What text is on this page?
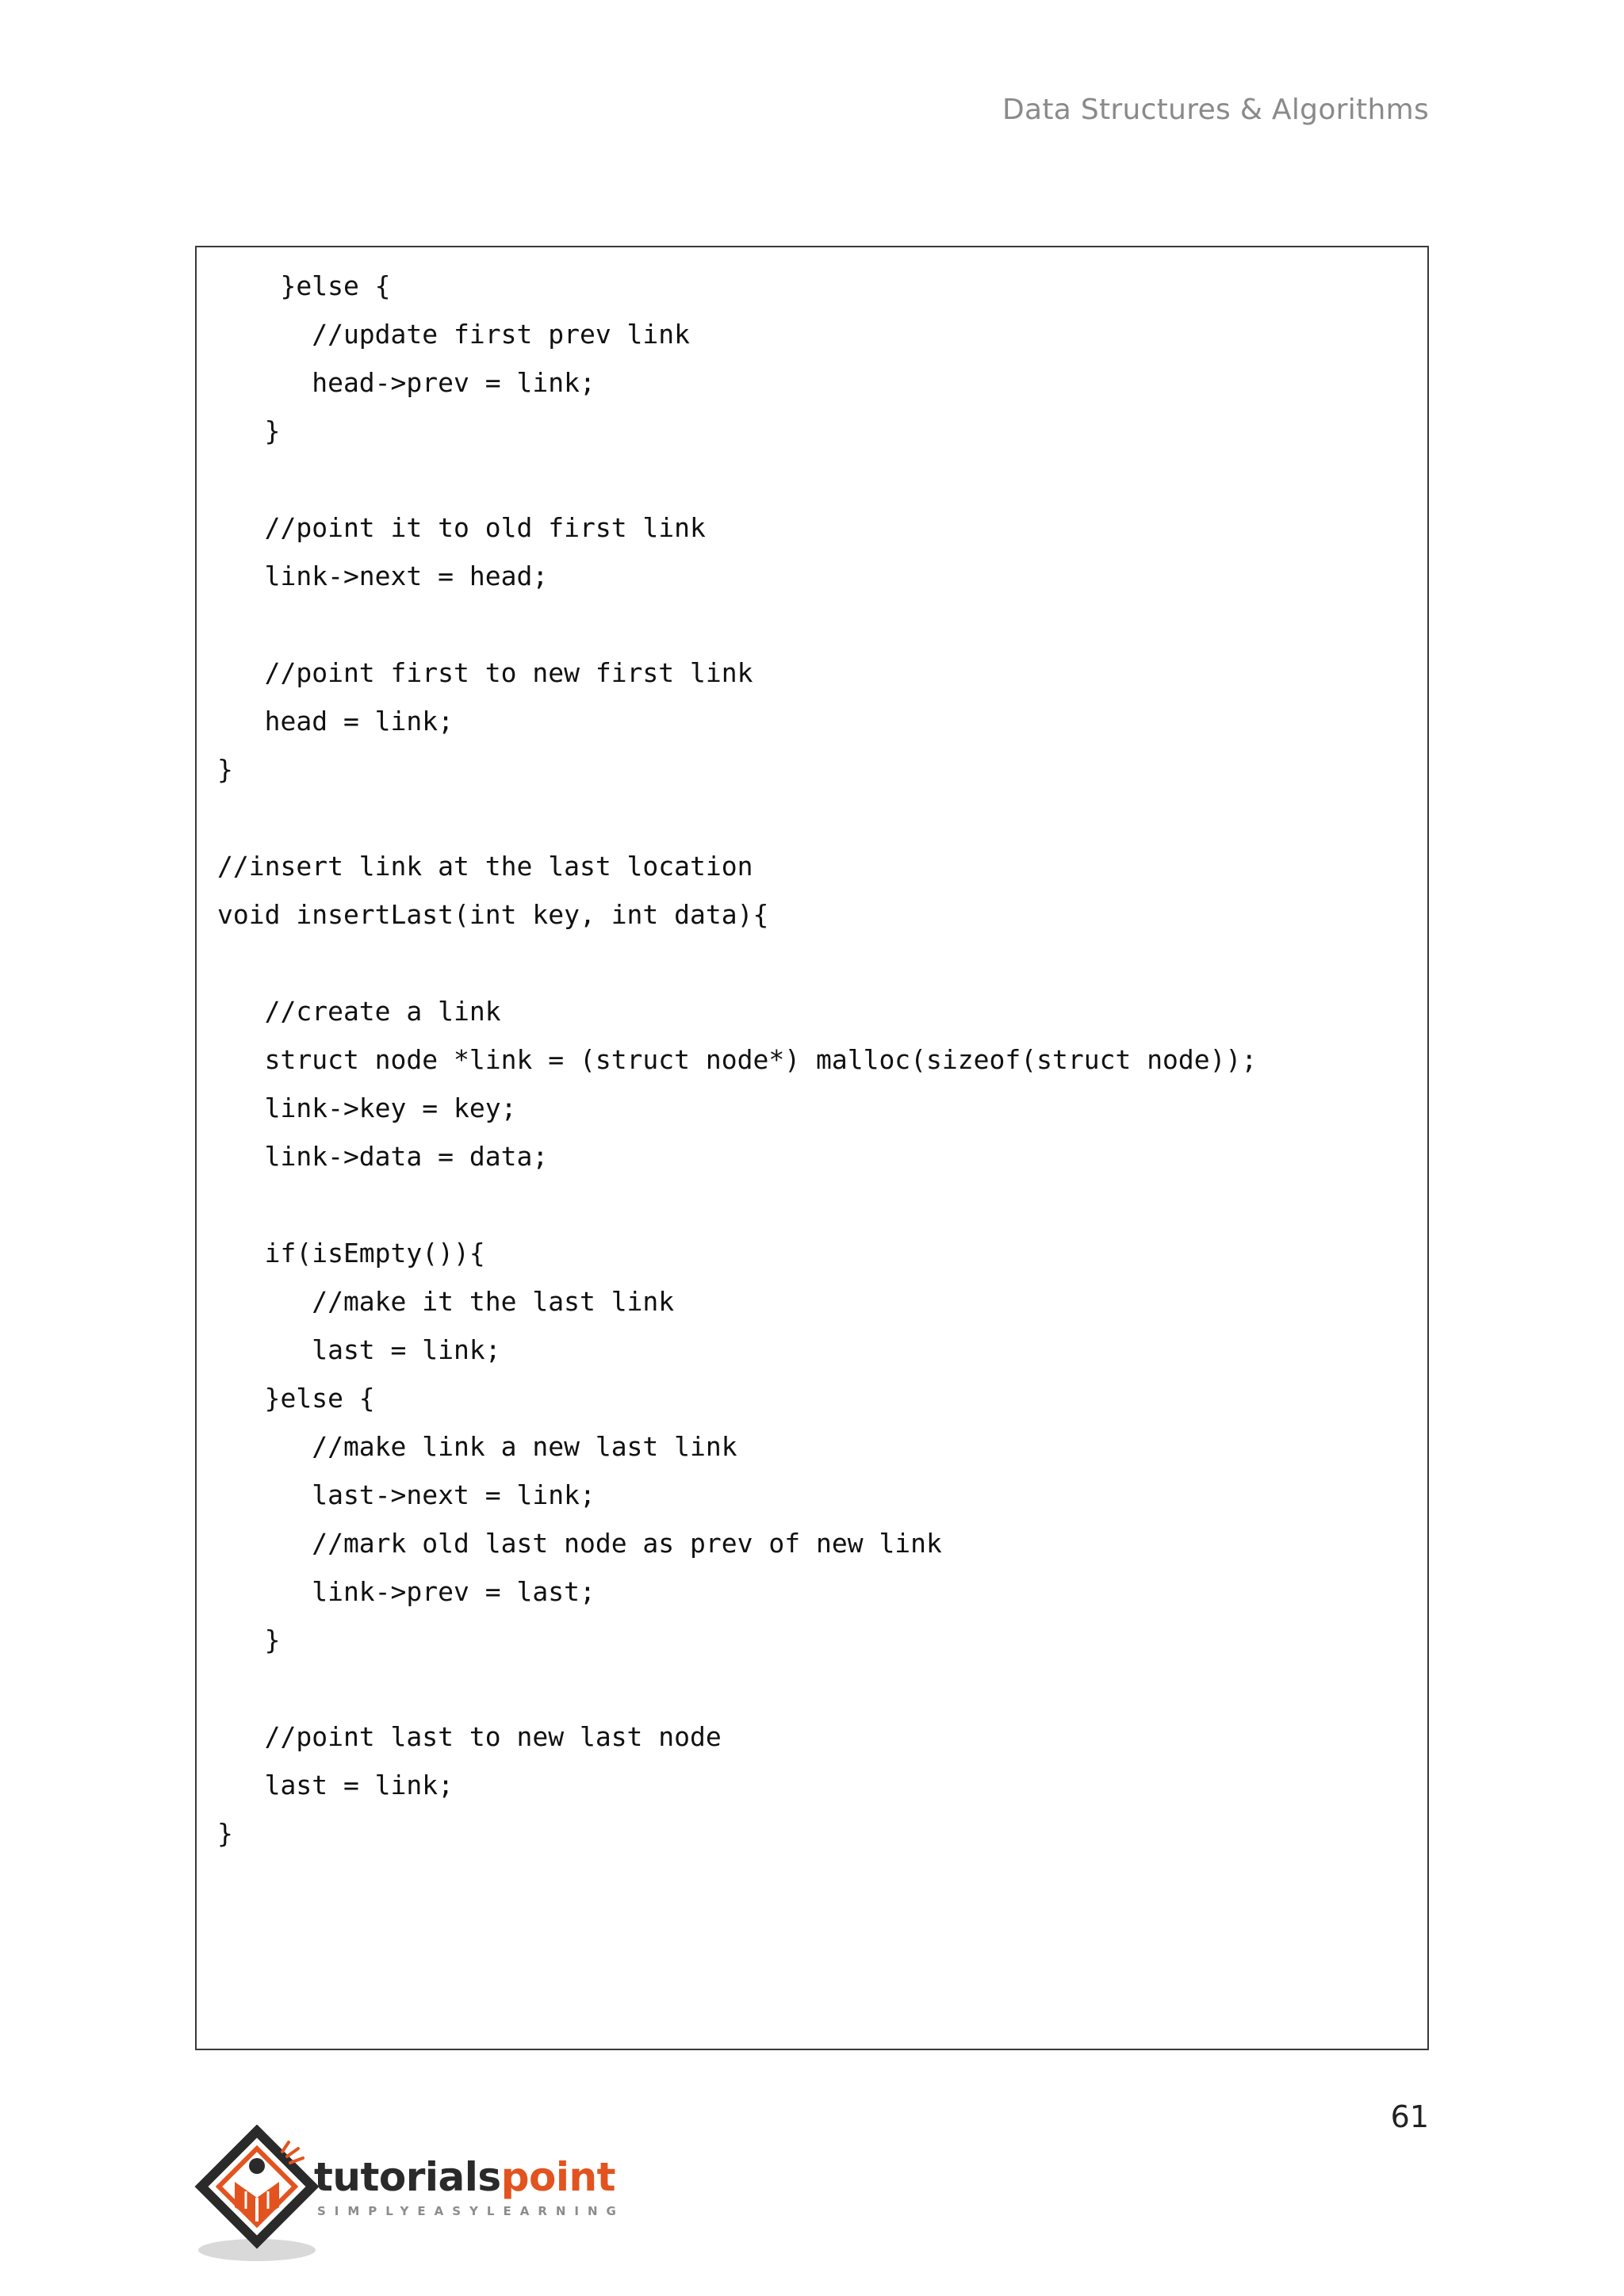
Data Structures & Algorithms
}else {
//update first prev link
head->prev = link;
}
//point it to old first link
link->next = head;
//point first to new first link
head = link;
}
//insert link at the last location
void insertLast(int key, int data){
//create a link
struct node *link = (struct node*) malloc(sizeof(struct node));
link->key = key;
link->data = data;
if(isEmpty()){
//make it the last link
last = link;
}else {
//make link a new last link
last->next = link;
//mark old last node as prev of new link
link->prev = last;
}
//point last to new last node
last = link;
}
61
tutorialspoint
SIMPLYEASYLEARNING
